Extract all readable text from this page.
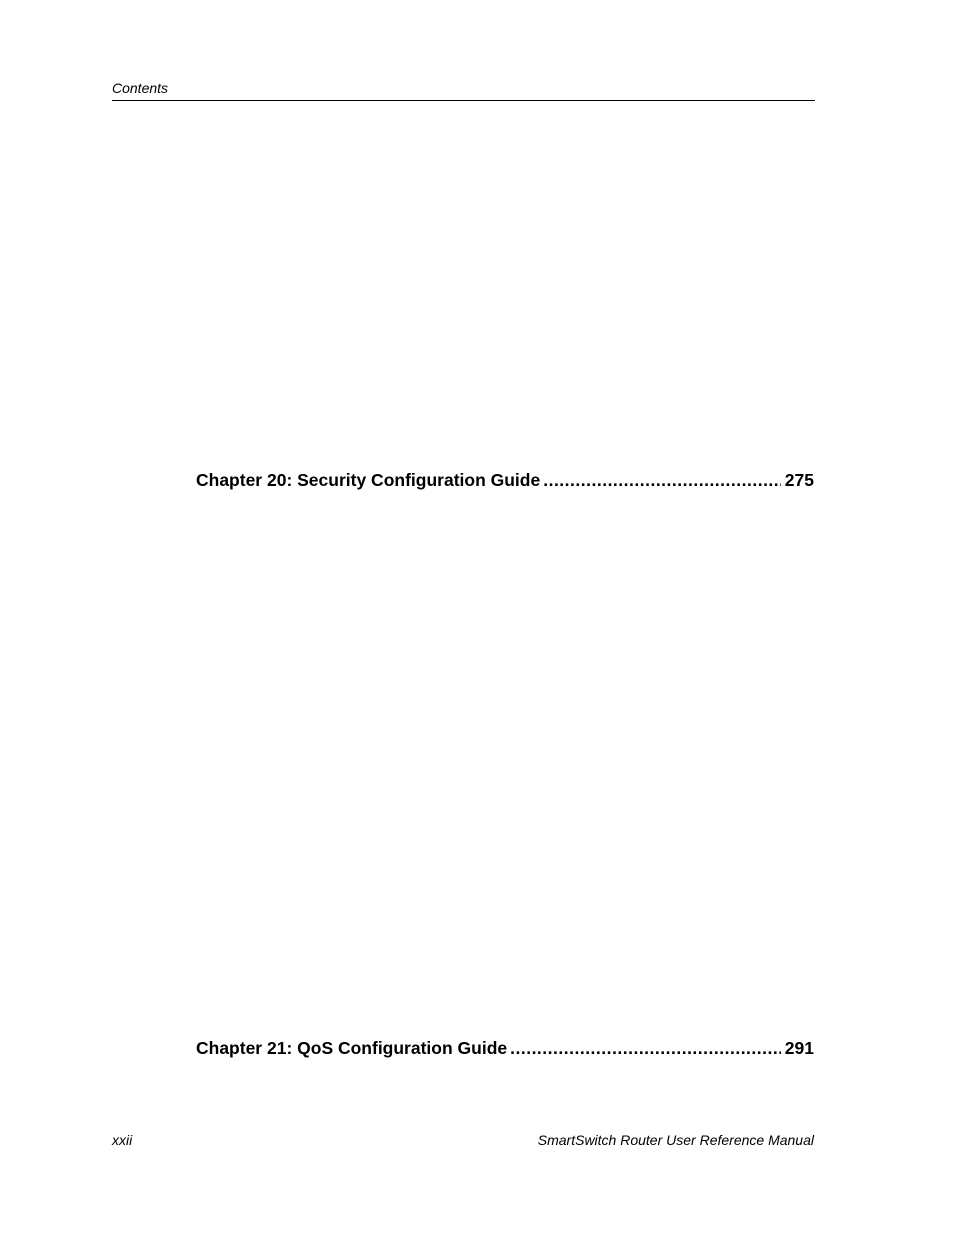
Contents
Chapter 20: Security Configuration Guide .....	275
Chapter 21: QoS Configuration Guide .....	291
xxii	SmartSwitch Router User Reference Manual
